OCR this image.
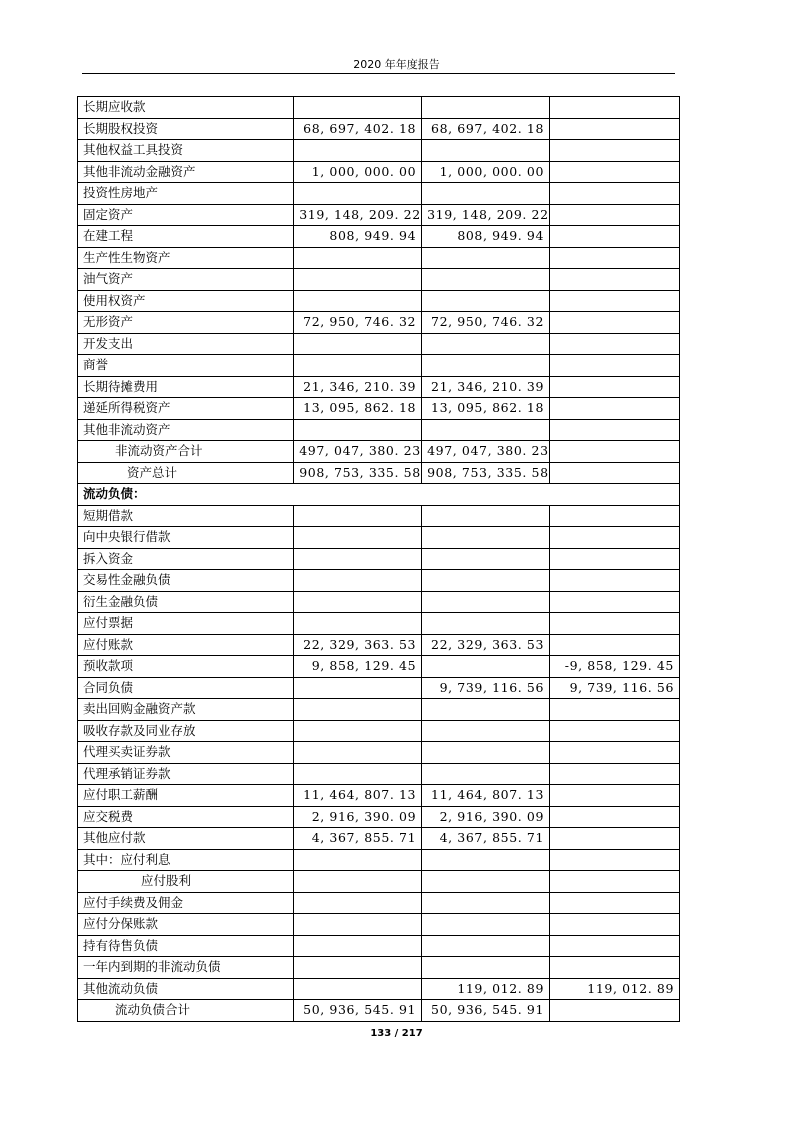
2020 年年度报告
长期应收款			
长期股权投资	68, 697, 402. 18	68, 697, 402. 18	
其他权益工具投资			
其他非流动金融资产	1, 000, 000. 00	1, 000, 000. 00	
投资性房地产			
固定资产	319, 148, 209. 22	319, 148, 209. 22	
在建工程	808, 949. 94	808, 949. 94	
生产性生物资产			
油气资产			
使用权资产			
无形资产	72, 950, 746. 32	72, 950, 746. 32	
开发支出			
商誉			
长期待摊费用	21, 346, 210. 39	21, 346, 210. 39	
递延所得税资产	13, 095, 862. 18	13, 095, 862. 18	
其他非流动资产			
非流动资产合计	497, 047, 380. 23	497, 047, 380. 23	
资产总计	908, 753, 335. 58	908, 753, 335. 58	
流动负债：			
短期借款			
向中央银行借款			
拆入资金			
交易性金融负债			
衍生金融负债			
应付票据			
应付账款	22, 329, 363. 53	22, 329, 363. 53	
预收款项	9, 858, 129. 45		-9, 858, 129. 45
合同负债		9, 739, 116. 56	9, 739, 116. 56
卖出回购金融资产款			
吸收存款及同业存放			
代理买卖证券款			
代理承销证券款			
应付职工薪酬	11, 464, 807. 13	11, 464, 807. 13	
应交税费	2, 916, 390. 09	2, 916, 390. 09	
其他应付款	4, 367, 855. 71	4, 367, 855. 71	
其中：应付利息			
应付股利			
应付手续费及佣金			
应付分保账款			
持有待售负债			
一年内到期的非流动负债			
其他流动负债		119, 012. 89	119, 012. 89
流动负债合计	50, 936, 545. 91	50, 936, 545. 91	
133 / 217
